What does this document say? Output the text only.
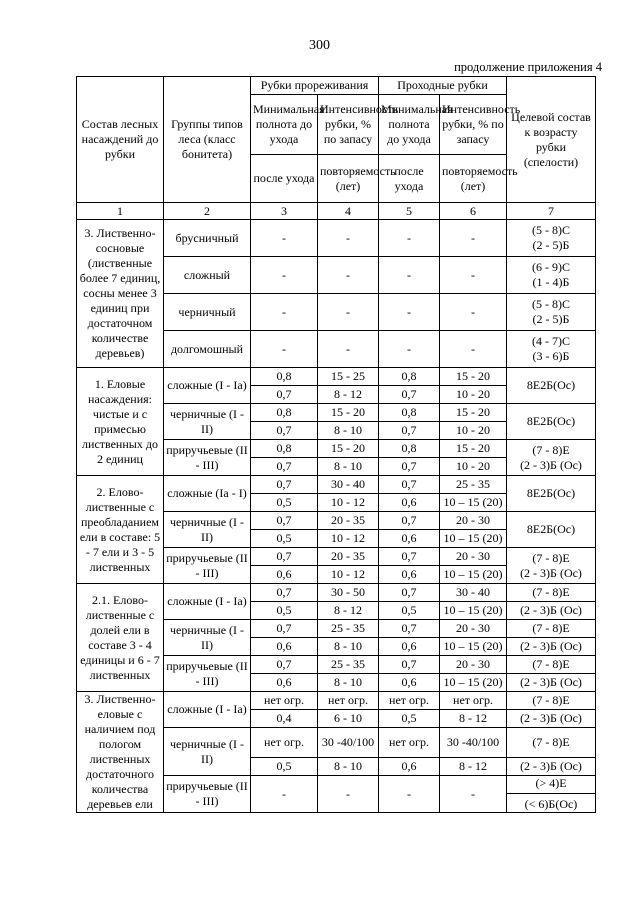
300
продолжение приложения 4
Состав лесных насаждений до рубки	Группы типов леса (класс бонитета)	Рубки прореживания		Проходные рубки		Целевой состав к возрасту рубки (спелости)
		Минимальная полнота до ухода	Интенсивность рубки, % по запасу	Минимальная полнота до ухода	Интенсивность рубки, % по запасу	
		после ухода	повторяемость (лет)	после ухода	повторяемость (лет)	
1	2	3	4	5	6	7
3. Лиственно-сосновые (лиственные более 7 единиц, сосны менее 3 единиц при достаточном количестве деревьев)	брусничный	-	-	-	-	(5 - 8)С
(2 - 5)Б

	сложный	-	-	-	-	(6 - 9)С
(1 - 4)Б

	черничный	-	-	-	-	(5 - 8)С
(2 - 5)Б

	долгомошный	-	-	-	-	(4 - 7)С
(3 - 6)Б

1. Еловые насаждения: чистые и с примесью лиственных до 2 единиц	сложные (I - Iа)	0,8	15 - 25	0,8	15 - 20	8Е2Б(Ос)

		0,7	8 - 12	0,7	10 - 20	
	черничные (I - II)	0,8	15 - 20	0,8	15 - 20	8Е2Б(Ос)

		0,7	8 - 10	0,7	10 - 20	
	приручьевые (II - III)	0,8	15 - 20	0,8	15 - 20	(7 - 8)Е
(2 - 3)Б (Ос)

		0,7	8 - 10	0,7	10 - 20	
2. Елово-лиственные с преобладанием ели в составе: 5 - 7 ели и 3 - 5 лиственных	сложные (Iа - I)	0,7	30 - 40	0,7	25 - 35	8Е2Б(Ос)

		0,5	10 - 12	0,6	10 – 15 (20)	
	черничные (I - II)	0,7	20 - 35	0,7	20 - 30	8Е2Б(Ос)

		0,5	10 - 12	0,6	10 – 15 (20)	
	приручьевые (II - III)	0,7	20 - 35	0,7	20 - 30	(7 - 8)Е
(2 - 3)Б (Ос)

		0,6	10 - 12	0,6	10 – 15 (20)	
2.1. Елово-лиственные с долей ели в составе 3 - 4 единицы и 6 - 7 лиственных	сложные (I - Iа)	0,7	30 - 50	0,7	30 - 40	(7 - 8)Е
		0,5	8 - 12	0,5	10 – 15 (20)	(2 - 3)Б (Ос)
	черничные (I - II)	0,7	25 - 35	0,7	20 - 30	(7 - 8)Е
		0,6	8 - 10	0,6	10 – 15 (20)	(2 - 3)Б (Ос)
	приручьевые (II - III)	0,7	25 - 35	0,7	20 - 30	(7 - 8)Е
		0,6	8 - 10	0,6	10 – 15 (20)	(2 - 3)Б (Ос)
3. Лиственно-еловые с наличием под пологом лиственных достаточного количества деревьев ели	сложные (I - Iа)	нет огр.	нет огр.	нет огр.	нет огр.	(7 - 8)Е
		0,4	6 - 10	0,5	8 - 12	(2 - 3)Б (Ос)
	черничные (I - II)	нет огр.	30 -40/100	нет огр.	30 -40/100	(7 - 8)Е
		0,5	8 - 10	0,6	8 - 12	(2 - 3)Б (Ос)
	приручьевые (II - III)	-	-	-	-	(> 4)Е
(< 6)Б(Ос)
